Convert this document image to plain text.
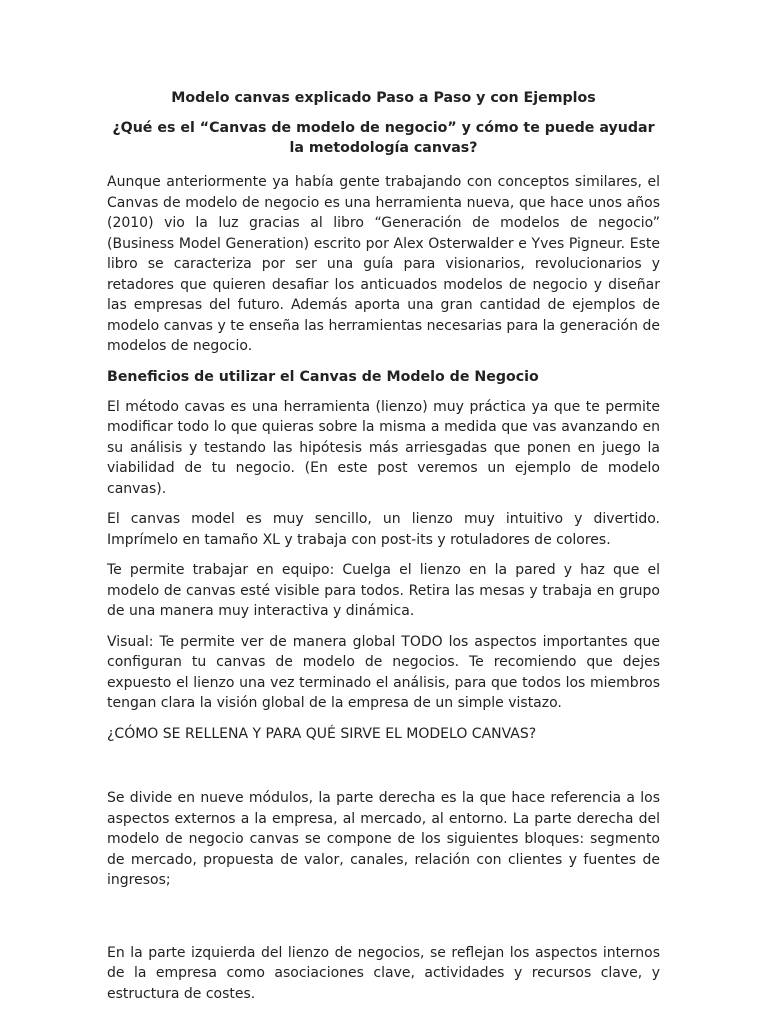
Modelo canvas explicado Paso a Paso y con Ejemplos
¿Qué es el “Canvas de modelo de negocio” y cómo te puede ayudar la metodología canvas?

Aunque anteriormente ya había gente trabajando con conceptos similares, el Canvas de modelo de negocio es una herramienta nueva, que hace unos años (2010) vio la luz gracias al libro “Generación de modelos de negocio” (Business Model Generation) escrito por Alex Osterwalder e Yves Pigneur. Este libro se caracteriza por ser una guía para visionarios, revolucionarios y retadores que quieren desafiar los anticuados modelos de negocio y diseñar las empresas del futuro. Además aporta una gran cantidad de ejemplos de modelo canvas y te enseña las herramientas necesarias para la generación de modelos de negocio.

Beneficios de utilizar el Canvas de Modelo de Negocio

El método cavas es una herramienta (lienzo) muy práctica ya que te permite modificar todo lo que quieras sobre la misma a medida que vas avanzando en su análisis y testando las hipótesis más arriesgadas que ponen en juego la viabilidad de tu negocio. (En este post veremos un ejemplo de modelo canvas).

El canvas model es muy sencillo, un lienzo muy intuitivo y divertido. Imprímelo en tamaño XL y trabaja con post-its y rotuladores de colores.

Te permite trabajar en equipo: Cuelga el lienzo en la pared y haz que el modelo de canvas esté visible para todos. Retira las mesas y trabaja en grupo de una manera muy interactiva y dinámica.

Visual: Te permite ver de manera global TODO los aspectos importantes que configuran tu canvas de modelo de negocios. Te recomiendo que dejes expuesto el lienzo una vez terminado el análisis, para que todos los miembros tengan clara la visión global de la empresa de un simple vistazo.

¿CÓMO SE RELLENA Y PARA QUÉ SIRVE EL MODELO CANVAS?

Se divide en nueve módulos, la parte derecha es la que hace referencia a los aspectos externos a la empresa, al mercado, al entorno. La parte derecha del modelo de negocio canvas se compone de los siguientes bloques: segmento de mercado, propuesta de valor, canales, relación con clientes y fuentes de ingresos;

En la parte izquierda del lienzo de negocios, se reflejan los aspectos internos de la empresa como asociaciones clave, actividades y recursos clave, y estructura de costes.
